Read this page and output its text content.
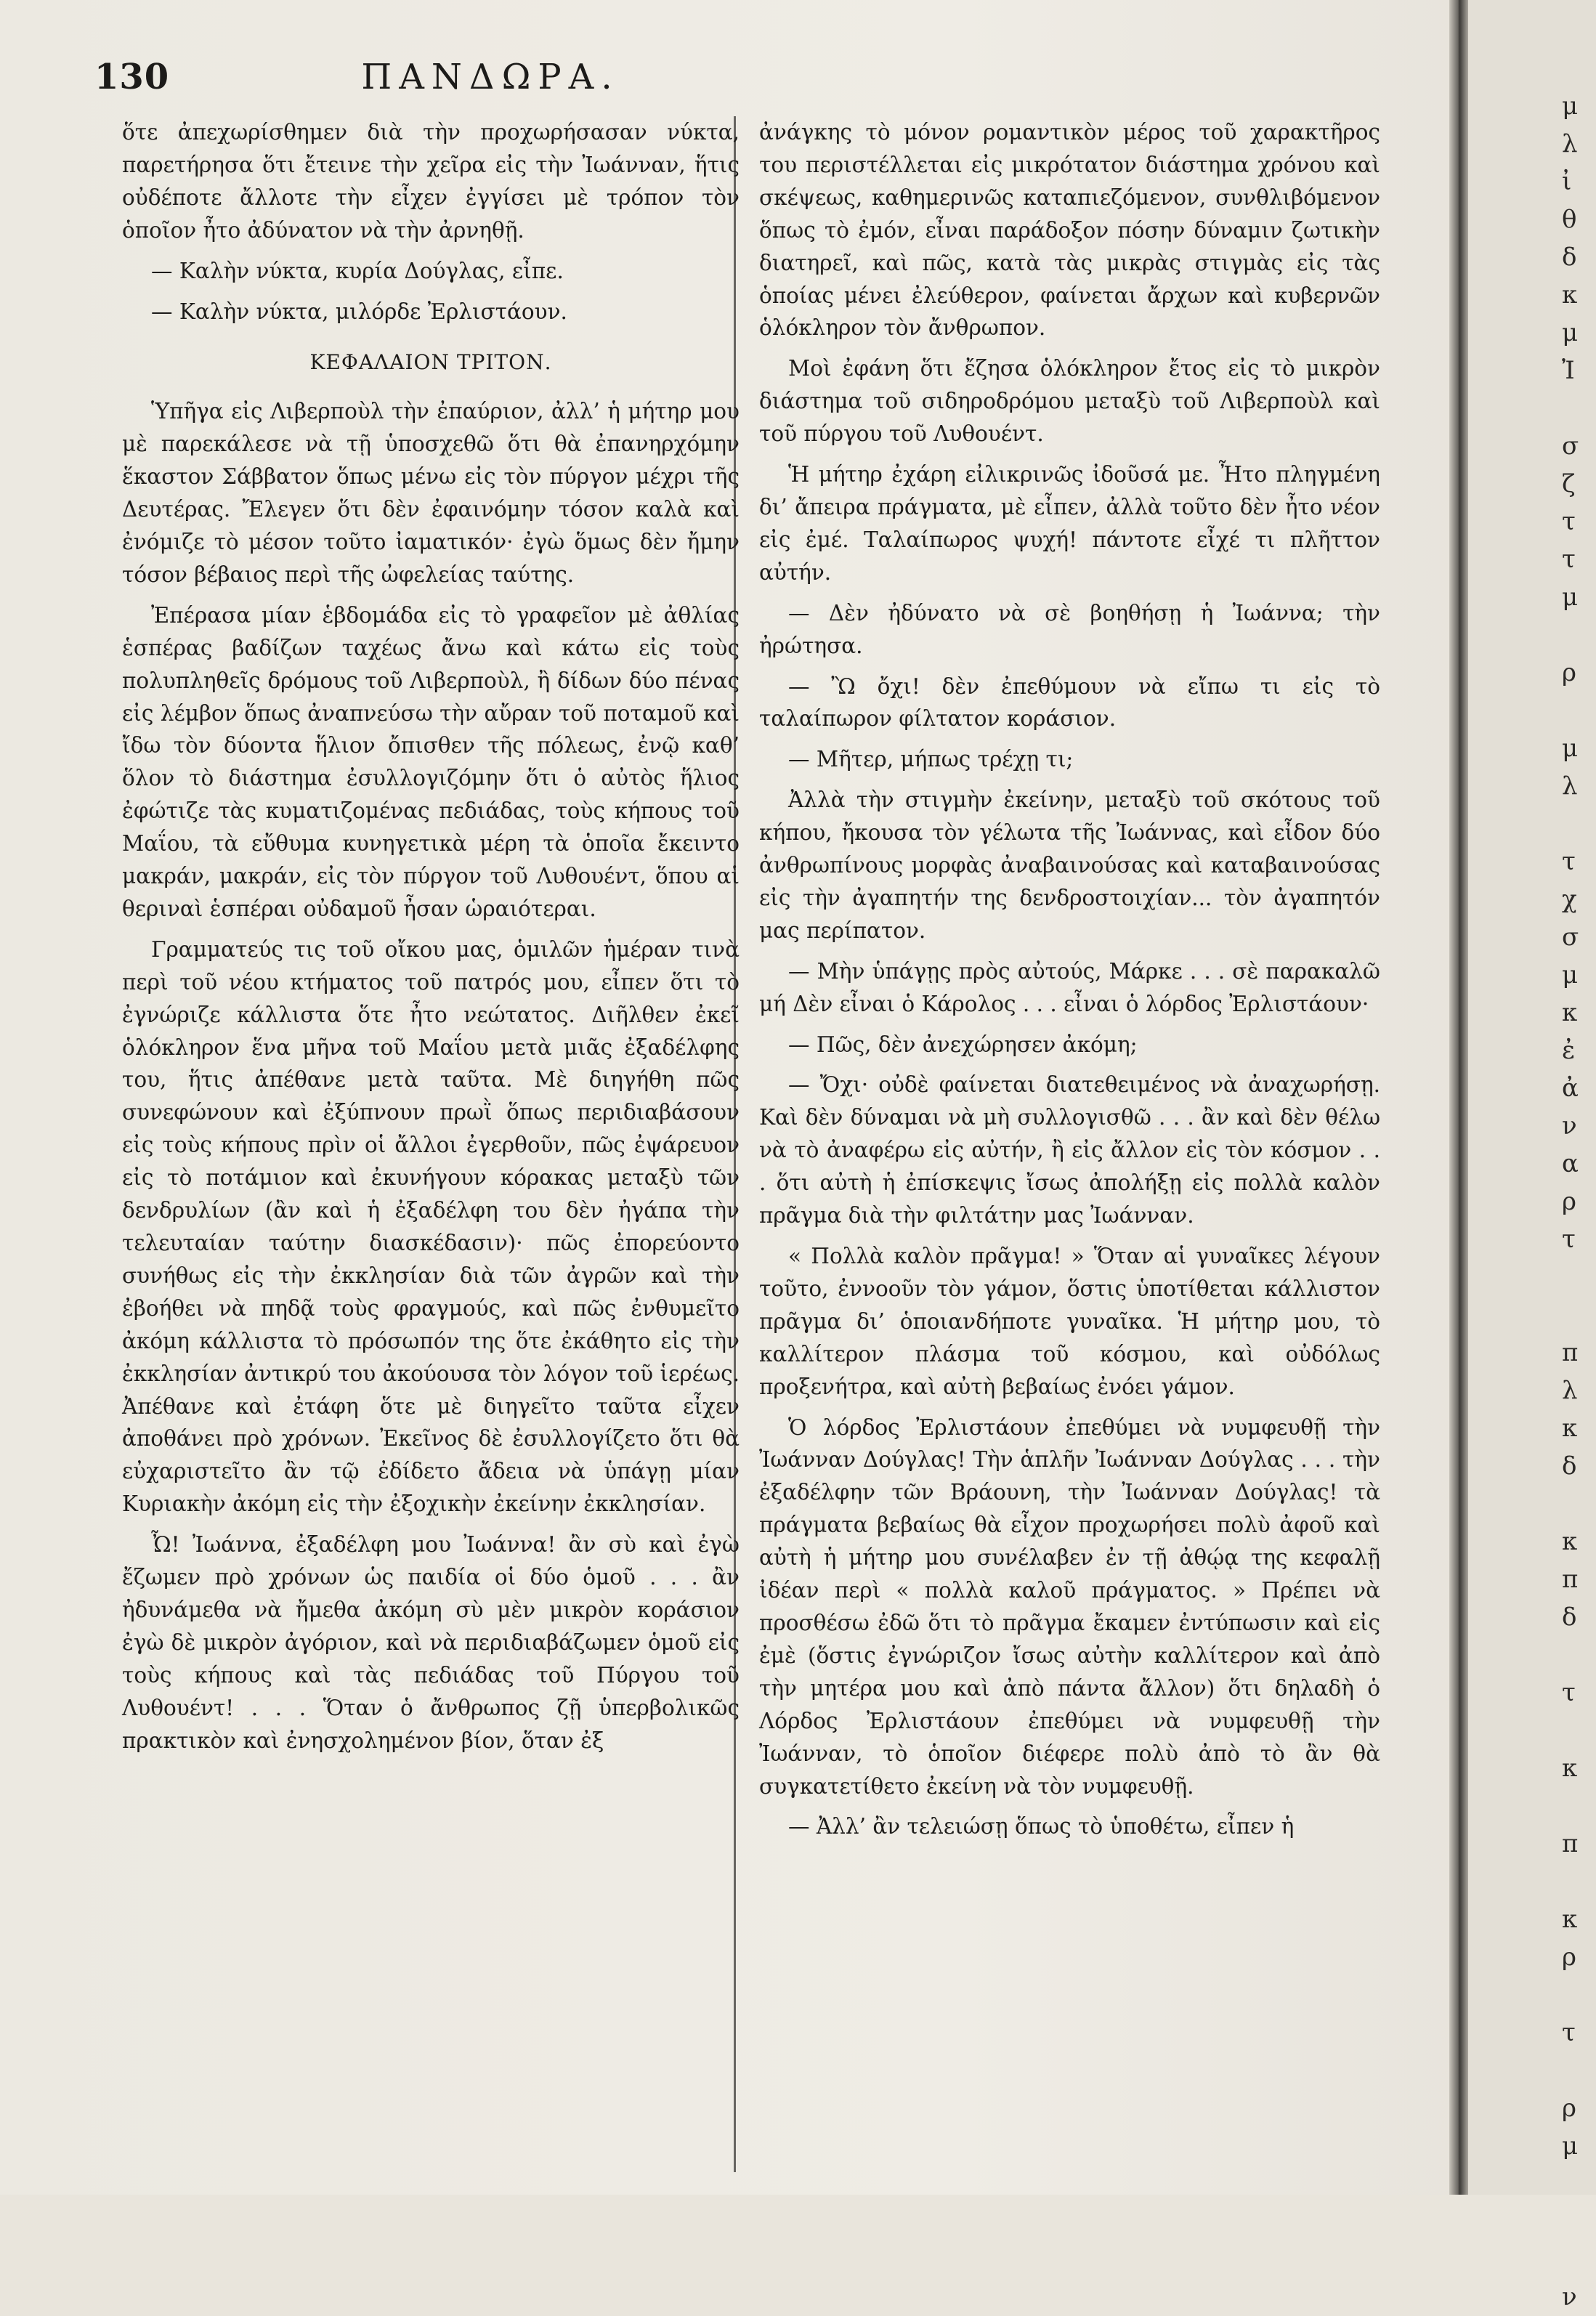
μ
λ
ἰ
θ
δ
κ
μ
Ἰ
σ
ζ
τ
τ
μ
ρ
μ
λ
τ
χ
σ
μ
κ
ἐ
ἀ
ν
α
ρ
τ
π
λ
κ
δ
κ
π
δ
τ
κ
π
κ
ρ
τ
ρ
μ
ν
130	ΠΑΝΔΩΡΑ.

ὅτε ἀπεχωρίσθημεν διὰ τὴν προχωρήσασαν νύκτα, παρετήρησα ὅτι ἔτεινε τὴν χεῖρα εἰς τὴν Ἰωάνναν, ἥτις οὐδέποτε ἄλλοτε τὴν εἶχεν ἐγγίσει μὲ τρόπον τὸν ὁποῖον ἦτο ἀδύνατον νὰ τὴν ἀρνηθῇ.

— Καλὴν νύκτα, κυρία Δούγλας, εἶπε.

— Καλὴν νύκτα, μιλόρδε Ἐρλιστάουν.

ΚΕΦΑΛΑΙΟΝ ΤΡΙΤΟΝ.

Ὑπῆγα εἰς Λιβερποὺλ τὴν ἐπαύριον, ἀλλ’ ἡ μήτηρ μου μὲ παρεκάλεσε νὰ τῇ ὑποσχεθῶ ὅτι θὰ ἐπανηρχόμην ἕκαστον Σάββατον ὅπως μένω εἰς τὸν πύργον μέχρι τῆς Δευτέρας. Ἔλεγεν ὅτι δὲν ἐφαινόμην τόσον καλὰ καὶ ἐνόμιζε τὸ μέσον τοῦτο ἰαματικόν· ἐγὼ ὅμως δὲν ἤμην τόσον βέβαιος περὶ τῆς ὠφελείας ταύτης.

Ἐπέρασα μίαν ἑβδομάδα εἰς τὸ γραφεῖον μὲ ἀθλίας ἑσπέρας βαδίζων ταχέως ἄνω καὶ κάτω εἰς τοὺς πολυπληθεῖς δρόμους τοῦ Λιβερποὺλ, ἢ δίδων δύο πένας εἰς λέμβον ὅπως ἀναπνεύσω τὴν αὔραν τοῦ ποταμοῦ καὶ ἴδω τὸν δύοντα ἥλιον ὄπισθεν τῆς πόλεως, ἐνῷ καθ’ ὅλον τὸ διάστημα ἐσυλλογιζόμην ὅτι ὁ αὐτὸς ἥλιος ἐφώτιζε τὰς κυματιζομένας πεδιάδας, τοὺς κήπους τοῦ Μαΐου, τὰ εὔθυμα κυνηγετικὰ μέρη τὰ ὁποῖα ἔκειντο μακράν, μακράν, εἰς τὸν πύργον τοῦ Λυθουέντ, ὅπου αἱ θεριναὶ ἑσπέραι οὐδαμοῦ ἦσαν ὡραιότεραι.

Γραμματεύς τις τοῦ οἴκου μας, ὁμιλῶν ἡμέραν τινὰ περὶ τοῦ νέου κτήματος τοῦ πατρός μου, εἶπεν ὅτι τὸ ἐγνώριζε κάλλιστα ὅτε ἦτο νεώτατος. Διῆλθεν ἐκεῖ ὁλόκληρον ἕνα μῆνα τοῦ Μαΐου μετὰ μιᾶς ἐξαδέλφης του, ἥτις ἀπέθανε μετὰ ταῦτα. Μὲ διηγήθη πῶς συνεφώνουν καὶ ἐξύπνουν πρωῒ ὅπως περιδιαβάσουν εἰς τοὺς κήπους πρὶν οἱ ἄλλοι ἐγερθοῦν, πῶς ἐψάρευον εἰς τὸ ποτάμιον καὶ ἐκυνήγουν κόρακας μεταξὺ τῶν δενδρυλίων (ἂν καὶ ἡ ἐξαδέλφη του δὲν ἠγάπα τὴν τελευταίαν ταύτην διασκέδασιν)· πῶς ἐπορεύοντο συνήθως εἰς τὴν ἐκκλησίαν διὰ τῶν ἀγρῶν καὶ τὴν ἐβοήθει νὰ πηδᾷ τοὺς φραγμούς, καὶ πῶς ἐνθυμεῖτο ἀκόμη κάλλιστα τὸ πρόσωπόν της ὅτε ἐκάθητο εἰς τὴν ἐκκλησίαν ἀντικρύ του ἀκούουσα τὸν λόγον τοῦ ἱερέως. Ἀπέθανε καὶ ἐτάφη ὅτε μὲ διηγεῖτο ταῦτα εἶχεν ἀποθάνει πρὸ χρόνων. Ἐκεῖνος δὲ ἐσυλλογίζετο ὅτι θὰ εὐχαριστεῖτο ἂν τῷ ἐδίδετο ἄδεια νὰ ὑπάγῃ μίαν Κυριακὴν ἀκόμη εἰς τὴν ἐξοχικὴν ἐκείνην ἐκκλησίαν.

Ὦ! Ἰωάννα, ἐξαδέλφη μου Ἰωάννα! ἂν σὺ καὶ ἐγὼ ἔζωμεν πρὸ χρόνων ὡς παιδία οἱ δύο ὁμοῦ . . . ἂν ἠδυνάμεθα νὰ ἤμεθα ἀκόμη σὺ μὲν μικρὸν κοράσιον ἐγὼ δὲ μικρὸν ἀγόριον, καὶ νὰ περιδιαβάζωμεν ὁμοῦ εἰς τοὺς κήπους καὶ τὰς πεδιάδας τοῦ Πύργου τοῦ Λυθουέντ! . . . Ὅταν ὁ ἄνθρωπος ζῇ ὑπερβολικῶς πρακτικὸν καὶ ἐνησχολημένον βίον, ὅταν ἐξ

ἀνάγκης τὸ μόνον ρομαντικὸν μέρος τοῦ χαρακτῆρος του περιστέλλεται εἰς μικρότατον διάστημα χρόνου καὶ σκέψεως, καθημερινῶς καταπιεζόμενον, συνθλιβόμενον ὅπως τὸ ἐμόν, εἶναι παράδοξον πόσην δύναμιν ζωτικὴν διατηρεῖ, καὶ πῶς, κατὰ τὰς μικρὰς στιγμὰς εἰς τὰς ὁποίας μένει ἐλεύθερον, φαίνεται ἄρχων καὶ κυβερνῶν ὁλόκληρον τὸν ἄνθρωπον.

Μοὶ ἐφάνη ὅτι ἔζησα ὁλόκληρον ἔτος εἰς τὸ μικρὸν διάστημα τοῦ σιδηροδρόμου μεταξὺ τοῦ Λιβερποὺλ καὶ τοῦ πύργου τοῦ Λυθουέντ.

Ἡ μήτηρ ἐχάρη εἰλικρινῶς ἰδοῦσά με. Ἦτο πληγμένη δι’ ἄπειρα πράγματα, μὲ εἶπεν, ἀλλὰ τοῦτο δὲν ἦτο νέον εἰς ἐμέ. Ταλαίπωρος ψυχή! πάντοτε εἶχέ τι πλῆττον αὐτήν.

— Δὲν ἠδύνατο νὰ σὲ βοηθήσῃ ἡ Ἰωάννα; τὴν ἠρώτησα.

— Ὢ ὄχι! δὲν ἐπεθύμουν νὰ εἴπω τι εἰς τὸ ταλαίπωρον φίλτατον κοράσιον.

— Μῆτερ, μήπως τρέχῃ τι;

Ἀλλὰ τὴν στιγμὴν ἐκείνην, μεταξὺ τοῦ σκότους τοῦ κήπου, ἤκουσα τὸν γέλωτα τῆς Ἰωάννας, καὶ εἶδον δύο ἀνθρωπίνους μορφὰς ἀναβαινούσας καὶ καταβαινούσας εἰς τὴν ἀγαπητήν της δενδροστοιχίαν... τὸν ἀγαπητόν μας περίπατον.

— Μὴν ὑπάγῃς πρὸς αὐτούς, Μάρκε . . . σὲ παρακαλῶ μή Δὲν εἶναι ὁ Κάρολος . . . εἶναι ὁ λόρδος Ἐρλιστάουν·

— Πῶς, δὲν ἀνεχώρησεν ἀκόμη;

— Ὄχι· οὐδὲ φαίνεται διατεθειμένος νὰ ἀναχωρήσῃ. Καὶ δὲν δύναμαι νὰ μὴ συλλογισθῶ . . . ἂν καὶ δὲν θέλω νὰ τὸ ἀναφέρω εἰς αὐτήν, ἢ εἰς ἄλλον εἰς τὸν κόσμον . . . ὅτι αὐτὴ ἡ ἐπίσκεψις ἴσως ἀπολήξῃ εἰς πολλὰ καλὸν πρᾶγμα διὰ τὴν φιλτάτην μας Ἰωάνναν.

« Πολλὰ καλὸν πρᾶγμα! » Ὅταν αἱ γυναῖκες λέγουν τοῦτο, ἐννοοῦν τὸν γάμον, ὅστις ὑποτίθεται κάλλιστον πρᾶγμα δι’ ὁποιανδήποτε γυναῖκα. Ἡ μήτηρ μου, τὸ καλλίτερον πλάσμα τοῦ κόσμου, καὶ οὐδόλως προξενήτρα, καὶ αὐτὴ βεβαίως ἐνόει γάμον.

Ὁ λόρδος Ἐρλιστάουν ἐπεθύμει νὰ νυμφευθῇ τὴν Ἰωάνναν Δούγλας! Τὴν ἁπλῆν Ἰωάνναν Δούγλας . . . τὴν ἐξαδέλφην τῶν Βράουνη, τὴν Ἰωάνναν Δούγλας! τὰ πράγματα βεβαίως θὰ εἶχον προχωρήσει πολὺ ἀφοῦ καὶ αὐτὴ ἡ μήτηρ μου συνέλαβεν ἐν τῇ ἀθῴᾳ της κεφαλῇ ἰδέαν περὶ « πολλὰ καλοῦ πράγματος. » Πρέπει νὰ προσθέσω ἐδῶ ὅτι τὸ πρᾶγμα ἔκαμεν ἐντύπωσιν καὶ εἰς ἐμὲ (ὅστις ἐγνώριζον ἴσως αὐτὴν καλλίτερον καὶ ἀπὸ τὴν μητέρα μου καὶ ἀπὸ πάντα ἄλλον) ὅτι δηλαδὴ ὁ Λόρδος Ἐρλιστάουν ἐπεθύμει νὰ νυμφευθῇ τὴν Ἰωάνναν, τὸ ὁποῖον διέφερε πολὺ ἀπὸ τὸ ἂν θὰ συγκατετίθετο ἐκείνη νὰ τὸν νυμφευθῇ.

— Ἀλλ’ ἂν τελειώσῃ ὅπως τὸ ὑποθέτω, εἶπεν ἡ
